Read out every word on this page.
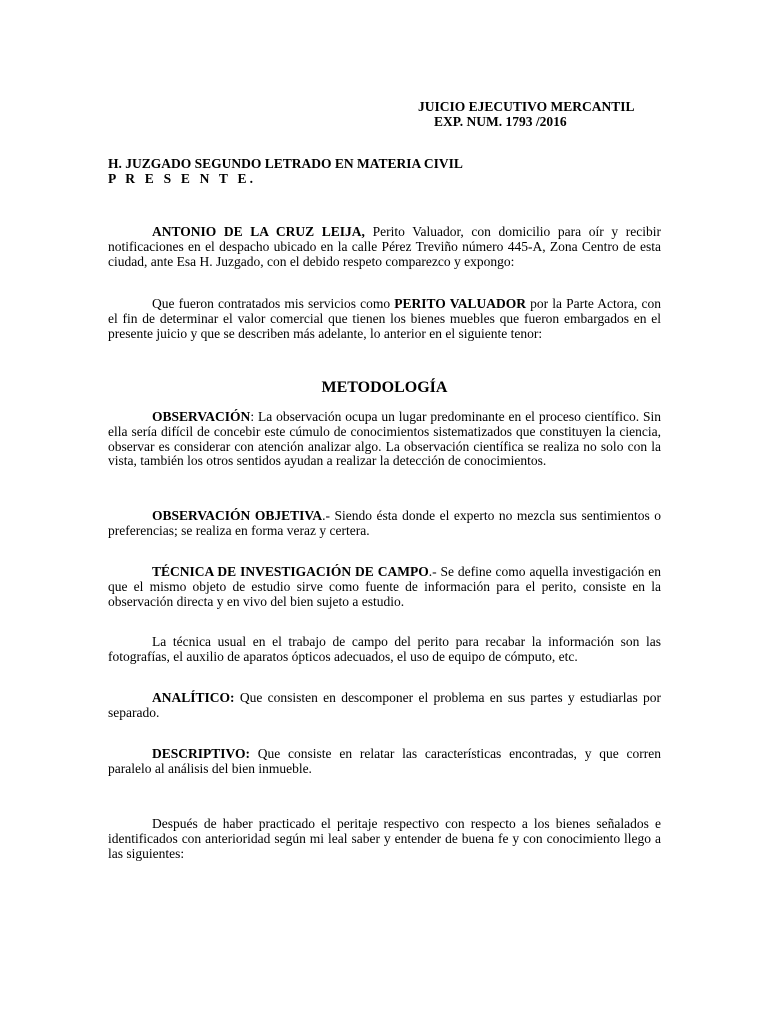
JUICIO EJECUTIVO MERCANTIL
EXP. NUM. 1793 /2016
H. JUZGADO SEGUNDO LETRADO EN MATERIA CIVIL
P R E S E N T E.

ANTONIO DE LA CRUZ LEIJA, Perito Valuador, con domicilio para oír y recibir notificaciones en el despacho ubicado en la calle Pérez Treviño número 445-A, Zona Centro de esta ciudad, ante Esa H. Juzgado, con el debido respeto comparezco y expongo:

Que fueron contratados mis servicios como PERITO VALUADOR por la Parte Actora, con el fin de determinar el valor comercial que tienen los bienes muebles que fueron embargados en el presente juicio y que se describen más adelante, lo anterior en el siguiente tenor:

METODOLOGÍA

OBSERVACIÓN: La observación ocupa un lugar predominante en el proceso científico. Sin ella sería difícil de concebir este cúmulo de conocimientos sistematizados que constituyen la ciencia, observar es considerar con atención analizar algo. La observación científica se realiza no solo con la vista, también los otros sentidos ayudan a realizar la detección de conocimientos.

OBSERVACIÓN OBJETIVA.- Siendo ésta donde el experto no mezcla sus sentimientos o preferencias; se realiza en forma veraz y certera.

TÉCNICA DE INVESTIGACIÓN DE CAMPO.- Se define como aquella investigación en que el mismo objeto de estudio sirve como fuente de información para el perito, consiste en la observación directa y en vivo del bien sujeto a estudio.

La técnica usual en el trabajo de campo del perito para recabar la información son las fotografías, el auxilio de aparatos ópticos adecuados, el uso de equipo de cómputo, etc.

ANALÍTICO: Que consisten en descomponer el problema en sus partes y estudiarlas por separado.

DESCRIPTIVO: Que consiste en relatar las características encontradas, y que corren paralelo al análisis del bien inmueble.

Después de haber practicado el peritaje respectivo con respecto a los bienes señalados e identificados con anterioridad según mi leal saber y entender de buena fe y con conocimiento llego a las siguientes:
